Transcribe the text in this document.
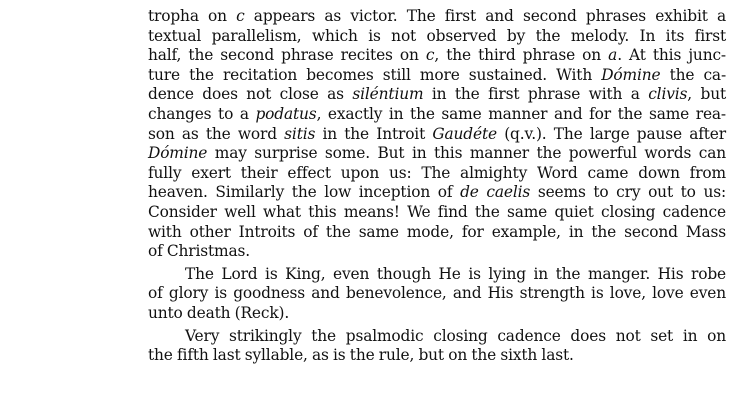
tropha on c appears as victor. The first and second phrases exhibit a
textual parallelism, which is not observed by the melody. In its first
half, the second phrase recites on c, the third phrase on a. At this junc-
ture the recitation becomes still more sustained. With Dómine the ca-
dence does not close as siléntium in the first phrase with a clivis, but
changes to a podatus, exactly in the same manner and for the same rea-
son as the word sitis in the Introit Gaudéte (q.v.). The large pause after
Dómine may surprise some. But in this manner the powerful words can
fully exert their effect upon us: The almighty Word came down from
heaven. Similarly the low inception of de caelis seems to cry out to us:
Consider well what this means! We find the same quiet closing cadence
with other Introits of the same mode, for example, in the second Mass
of Christmas.

The Lord is King, even though He is lying in the manger. His robe
of glory is goodness and benevolence, and His strength is love, love even
unto death (Reck).

Very strikingly the psalmodic closing cadence does not set in on
the fifth last syllable, as is the rule, but on the sixth last.
